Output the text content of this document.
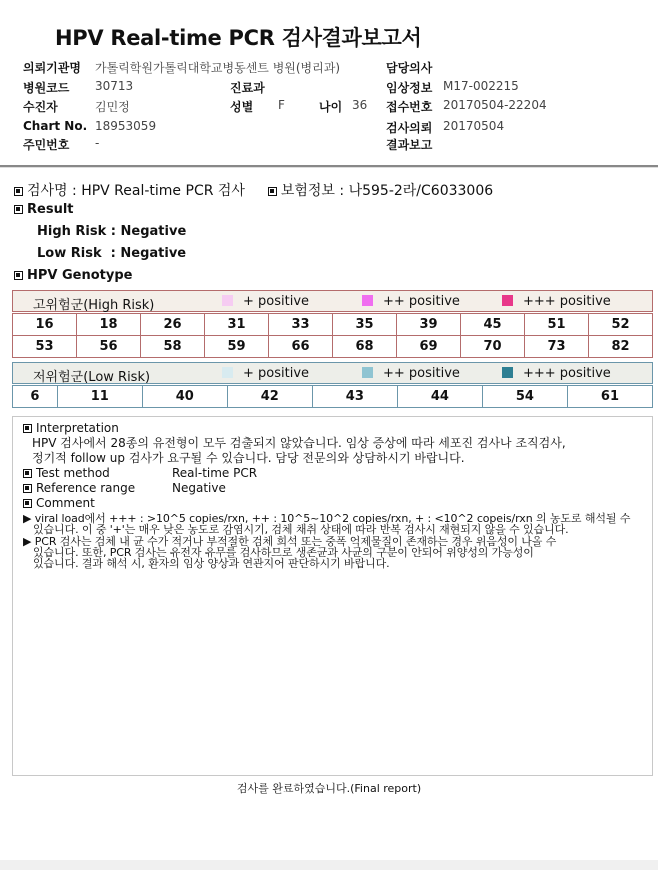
HPV Real-time PCR 검사결과보고서
의뢰기관명 가톨릭학원가톨릭대학교병동센트 병원(병리과)	담당의사
병원코드 30713	진료과	임상정보 M17-002215
수진자	김민정	성별 F	나이 36 접수번호 20170504-22204
Chart No. 18953059	검사의뢰 20170504
주민번호 -	결과보고
검사명 : HPV Real-time PCR 검사	보험정보 : 나595-2라/C6033006
Result
High Risk : Negative
Low Risk  : Negative
HPV Genotype
고위험군(High Risk)	+ positive	++ positive	+++ positive
16	18	26	31	33	35	39	45	51	52
53	56	58	59	66	68	69	70	73	82
저위험군(Low Risk)	+ positive	++ positive	+++ positive
6	11	40	42	43	44	54	61
Interpretation
HPV 검사에서 28종의 유전형이 모두 검출되지 않았습니다. 임상 증상에 따라 세포진 검사나 조직검사,
정기적 follow up 검사가 요구될 수 있습니다. 담당 전문의와 상담하시기 바랍니다.
Test method	Real-time PCR
Reference range	Negative
Comment
▶ viral load에서 +++ : >10^5 copies/rxn, ++ : 10^5~10^2 copies/rxn, + : <10^2 copeis/rxn 의 농도로 해석될 수
있습니다. 이 중 '+'는 매우 낮은 농도로 감염시기, 검체 채취 상태에 따라 반복 검사시 재현되지 않을 수 있습니다.
▶ PCR 검사는 검체 내 균 수가 적거나 부적절한 검체 희석 또는 중폭 억제물질이 존재하는 경우 위음성이 나올 수
있습니다. 또한, PCR 검사는 유전자 유무를 검사하므로 생존균과 사균의 구분이 안되어 위양성의 가능성이
있습니다. 결과 해석 시, 환자의 임상 양상과 연관지어 판단하시기 바랍니다.
검사를 완료하였습니다.(Final report)
